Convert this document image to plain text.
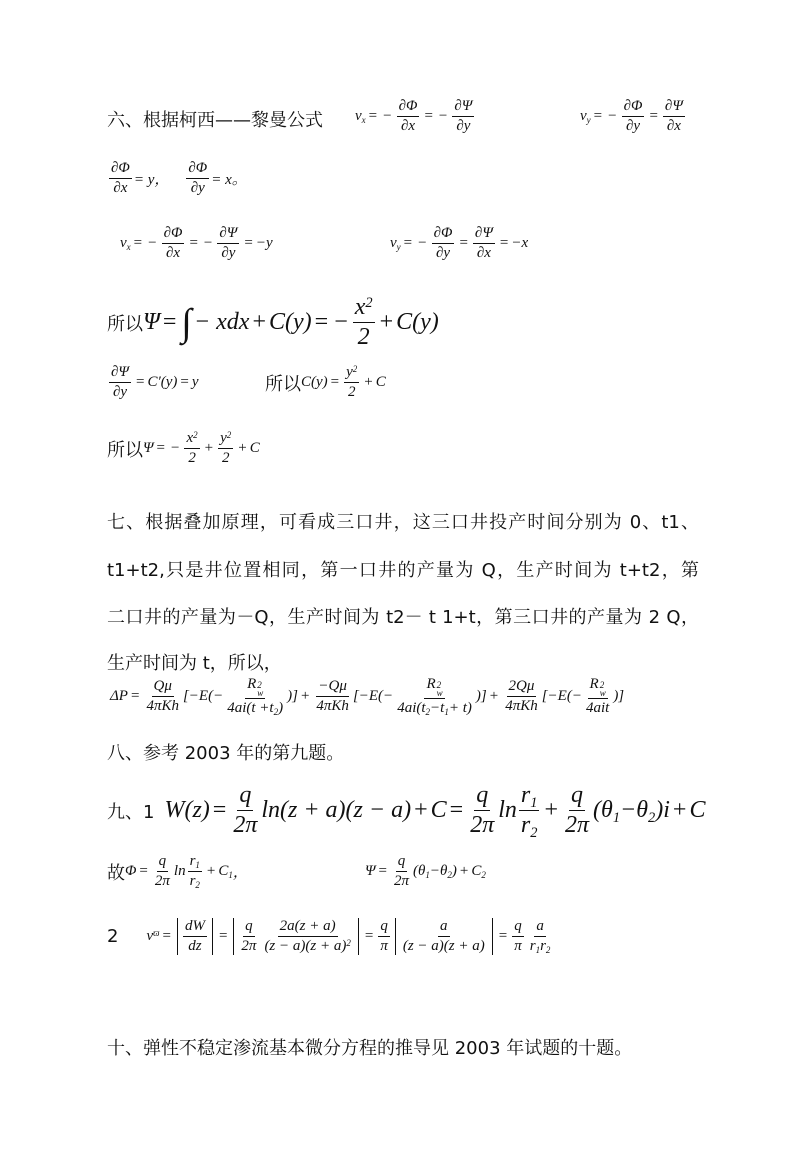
六、根据柯西——黎曼公式 $v_x$ = − $\frac{\partial\Phi}{\partial x}$ = − $\frac{\partial\Psi}{\partial y}$	$v_y$ = − $\frac{\partial\Phi}{\partial y} = \frac{\partial\Psi}{\partial x}$
$\frac{\partial\Phi}{\partial x} = y$，
$\frac{\partial\Phi}{\partial y} = x$。
$v_x$ = − $\frac{\partial\Phi}{\partial x}$ = − $\frac{\partial\Psi}{\partial y} = -y$	$v_y$ = − $\frac{\partial\Phi}{\partial y} = \frac{\partial\Psi}{\partial x} = -x$
所以 Ψ = ∫ − xdx + C(y) = − $\frac{x^2}{2} + C(y)$
$\frac{\partial\Psi}{\partial y} = C'(y) = y$	所以 $C(y) = \frac{y^2}{2} + C$
所以 Ψ = − $\frac{x^2}{2} + \frac{y^2}{2} + C$
七、根据叠加原理，可看成三口井，这三口井投产时间分别为 0、t1、
t1+t2,只是井位置相同，第一口井的产量为 Q，生产时间为 t+t2，第
二口井的产量为－Q，生产时间为 t2－ t 1+t，第三口井的产量为 2 Q，
生产时间为 t，所以，
ΔP =
Qμ
4πKh
[−E(− R 2
w
$4ai(t + t_2$ ) )] +
−Qμ
4πKh
[−E(− R 2
w
4ai( $t_2 - t_1 + t$) )] +
2Qμ
4πKh
[−E(−
R 2
w
4ait
)]
八、参考 2003 年的第九题。
九、1 $W(z) = \frac{q}{2\pi} \ln(z + a)(z - a) + C = \frac{q}{2\pi}$ $\ln \frac{r_1}{r_2} + \frac{q}{2\pi}$ ( $\theta_1 - \theta_2$ )i + C
故 $\Phi = \frac{q}{2\pi}$ $\ln \frac{r_1}{r_2} + C_1$ ，	$\Psi = \frac{q}{2\pi}$ ( $\theta_1 - \theta_2$ ) + $C_2$
2 $v^ϖ = \frac{dW}{dz} = \frac{q}{2\pi} \frac{2a(z + a)}{(z - a)(z + a) ^2} = \frac{q}{\pi} \frac{a}{(z - a)(z + a)} = \frac{q}{\pi} \frac{a}{r_1 r_2}$
十、弹性不稳定渗流基本微分方程的推导见 2003 年试题的十题。
